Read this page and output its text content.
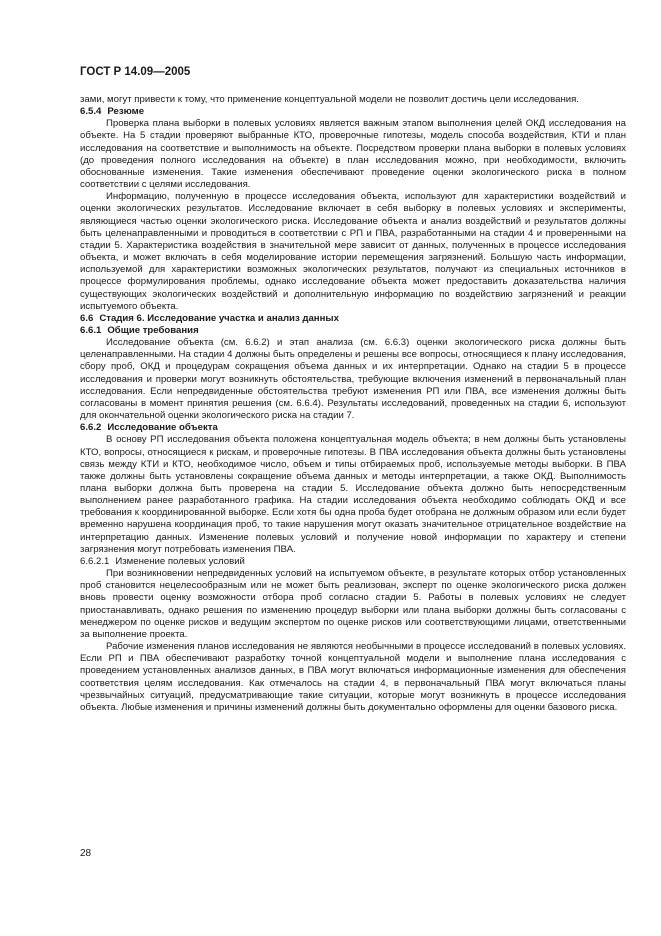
ГОСТ Р 14.09—2005

зами, могут привести к тому, что применение концептуальной модели не позволит достичь цели исследования.

6.5.4 Резюме

Проверка плана выборки в полевых условиях является важным этапом выполнения целей ОКД исследования на объекте. На 5 стадии проверяют выбранные КТО, проверочные гипотезы, модель способа воздействия, КТИ и план исследования на соответствие и выполнимость на объекте. Посредством проверки плана выборки в полевых условиях (до проведения полного исследования на объекте) в план исследования можно, при необходимости, включить обоснованные изменения. Такие изменения обеспечивают проведение оценки экологического риска в полном соответствии с целями исследования.

Информацию, полученную в процессе исследования объекта, используют для характеристики воздействий и оценки экологических результатов. Исследование включает в себя выборку в полевых условиях и эксперименты, являющиеся частью оценки экологического риска. Исследование объекта и анализ воздействий и результатов должны быть целенаправленными и проводиться в соответствии с РП и ПВА, разработанными на стадии 4 и проверенными на стадии 5. Характеристика воздействия в значительной мере зависит от данных, полученных в процессе исследования объекта, и может включать в себя моделирование истории перемещения загрязнений. Большую часть информации, используемой для характеристики возможных экологических результатов, получают из специальных источников в процессе формулирования проблемы, однако исследование объекта может предоставить доказательства наличия существующих экологических воздействий и дополнительную информацию по воздействию загрязнений и реакции испытуемого объекта.

6.6 Стадия 6. Исследование участка и анализ данных

6.6.1 Общие требования

Исследование объекта (см. 6.6.2) и этап анализа (см. 6.6.3) оценки экологического риска должны быть целенаправленными. На стадии 4 должны быть определены и решены все вопросы, относящиеся к плану исследования, сбору проб, ОКД и процедурам сокращения объема данных и их интерпретации. Однако на стадии 5 в процессе исследования и проверки могут возникнуть обстоятельства, требующие включения изменений в первоначальный план исследования. Если непредвиденные обстоятельства требуют изменения РП или ПВА, все изменения должны быть согласованы в момент принятия решения (см. 6.6.4). Результаты исследований, проведенных на стадии 6, используют для окончательной оценки экологического риска на стадии 7.

6.6.2 Исследование объекта

В основу РП исследования объекта положена концептуальная модель объекта; в нем должны быть установлены КТО, вопросы, относящиеся к рискам, и проверочные гипотезы. В ПВА исследования объекта должны быть установлены связь между КТИ и КТО, необходимое число, объем и типы отбираемых проб, используемые методы выборки. В ПВА также должны быть установлены сокращение объема данных и методы интерпретации, а также ОКД. Выполнимость плана выборки должна быть проверена на стадии 5. Исследование объекта должно быть непосредственным выполнением ранее разработанного графика. На стадии исследования объекта необходимо соблюдать ОКД и все требования к координированной выборке. Если хотя бы одна проба будет отобрана не должным образом или если будет временно нарушена координация проб, то такие нарушения могут оказать значительное отрицательное воздействие на интерпретацию данных. Изменение полевых условий и получение новой информации по характеру и степени загрязнения могут потребовать изменения ПВА.

6.6.2.1 Изменение полевых условий

При возникновении непредвиденных условий на испытуемом объекте, в результате которых отбор установленных проб становится нецелесообразным или не может быть реализован, эксперт по оценке экологического риска должен вновь провести оценку возможности отбора проб согласно стадии 5. Работы в полевых условиях не следует приостанавливать, однако решения по изменению процедур выборки или плана выборки должны быть согласованы с менеджером по оценке рисков и ведущим экспертом по оценке рисков или соответствующими лицами, ответственными за выполнение проекта.

Рабочие изменения планов исследования не являются необычными в процессе исследований в полевых условиях. Если РП и ПВА обеспечивают разработку точной концептуальной модели и выполнение плана исследования с проведением установленных анализов данных, в ПВА могут включаться информационные изменения для обеспечения соответствия целям исследования. Как отмечалось на стадии 4, в первоначальный ПВА могут включаться планы чрезвычайных ситуаций, предусматривающие такие ситуации, которые могут возникнуть в процессе исследования объекта. Любые изменения и причины изменений должны быть документально оформлены для оценки базового риска.

28
